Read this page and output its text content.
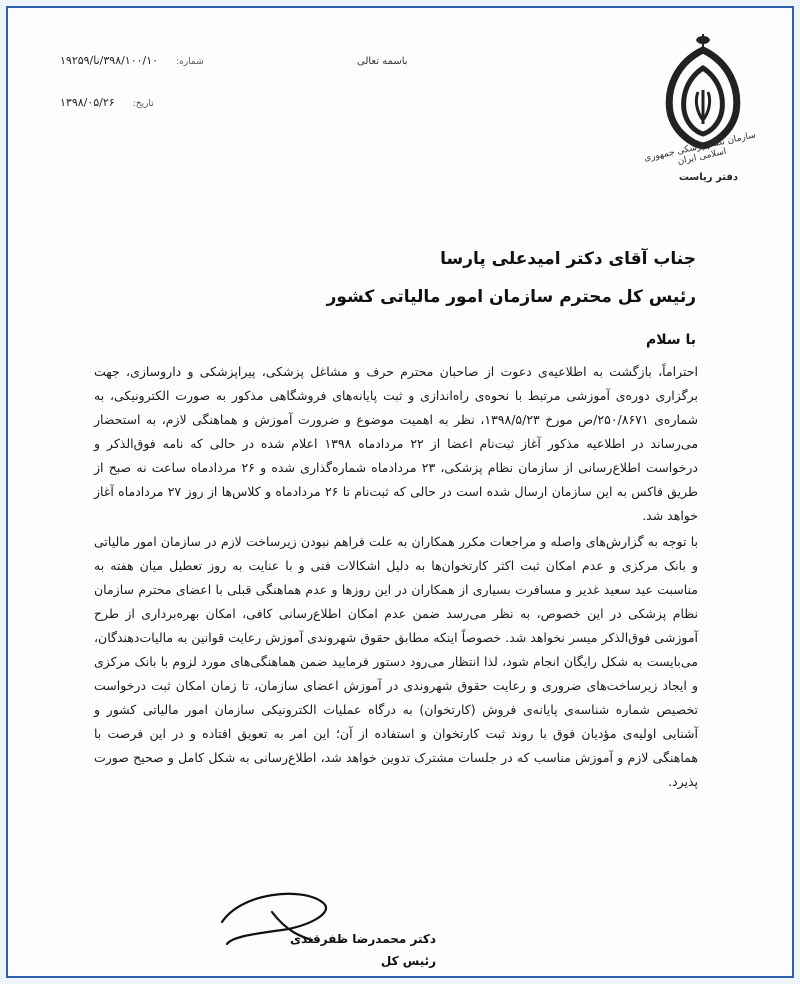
سازمان نظام پزشکی جمهوری اسلامی ایران
دفتر ریاست
باسمه تعالی
شماره:
۳۹۸/۱۰۰/۱۰/نا/۱۹۲۵۹
تاریخ:
۱۳۹۸/۰۵/۲۶
جناب آقای دکتر امیدعلی پارسا
رئیس کل محترم سازمان امور مالیاتی کشور
با سلام

احتراماً، بازگشت به اطلاعیه‌ی دعوت از صاحبان محترم حرف و مشاغل پزشکی، پیراپزشکی و داروسازی، جهت برگزاری دوره‌ی آموزشی مرتبط با نحوه‌ی راه‌اندازی و ثبت پایانه‌های فروشگاهی مذکور به صورت الکترونیکی، به شماره‌ی ۲۵۰/۸۶۷۱/ص مورخ ۱۳۹۸/۵/۲۳، نظر به اهمیت موضوع و ضرورت آموزش و هماهنگی لازم، به استحضار می‌رساند در اطلاعیه مذکور آغاز ثبت‌نام اعضا از ۲۲ مردادماه ۱۳۹۸ اعلام شده در حالی که نامه فوق‌الذکر و درخواست اطلاع‌رسانی از سازمان نظام پزشکی، ۲۳ مردادماه شماره‌گذاری شده و ۲۶ مردادماه ساعت نه صبح از طریق فاکس به این سازمان ارسال شده است در حالی که ثبت‌نام تا ۲۶ مردادماه و کلاس‌ها از روز ۲۷ مردادماه آغاز خواهد شد.

با توجه به گزارش‌های واصله و مراجعات مکرر همکاران به علت فراهم نبودن زیرساخت لازم در سازمان امور مالیاتی و بانک مرکزی و عدم امکان ثبت اکثر کارتخوان‌ها به دلیل اشکالات فنی و با عنایت به روز تعطیل میان هفته به مناسبت عید سعید غدیر و مسافرت بسیاری از همکاران در این روزها و عدم هماهنگی قبلی با اعضای محترم سازمان نظام پزشکی در این خصوص، به نظر می‌رسد ضمن عدم امکان اطلاع‌رسانی کافی، امکان بهره‌برداری از طرح آموزشی فوق‌الذکر میسر نخواهد شد. خصوصاً اینکه مطابق حقوق شهروندی آموزش رعایت قوانین به مالیات‌دهندگان، می‌بایست به شکل رایگان انجام شود، لذا انتظار می‌رود دستور فرمایید ضمن هماهنگی‌های مورد لزوم با بانک مرکزی و ایجاد زیرساخت‌های ضروری و رعایت حقوق شهروندی در آموزش اعضای سازمان، تا زمان امکان ثبت درخواست تخصیص شماره شناسه‌ی پایانه‌ی فروش (کارتخوان) به درگاه عملیات الکترونیکی سازمان امور مالیاتی کشور و آشنایی اولیه‌ی مؤدیان فوق با روند ثبت کارتخوان و استفاده از آن؛ این امر به تعویق افتاده و در این فرصت با هماهنگی لازم و آموزش مناسب که در جلسات مشترک تدوین خواهد شد، اطلاع‌رسانی به شکل کامل و صحیح صورت پذیرد.

دکتر محمدرضا ظفرقندی
رئیس کل
